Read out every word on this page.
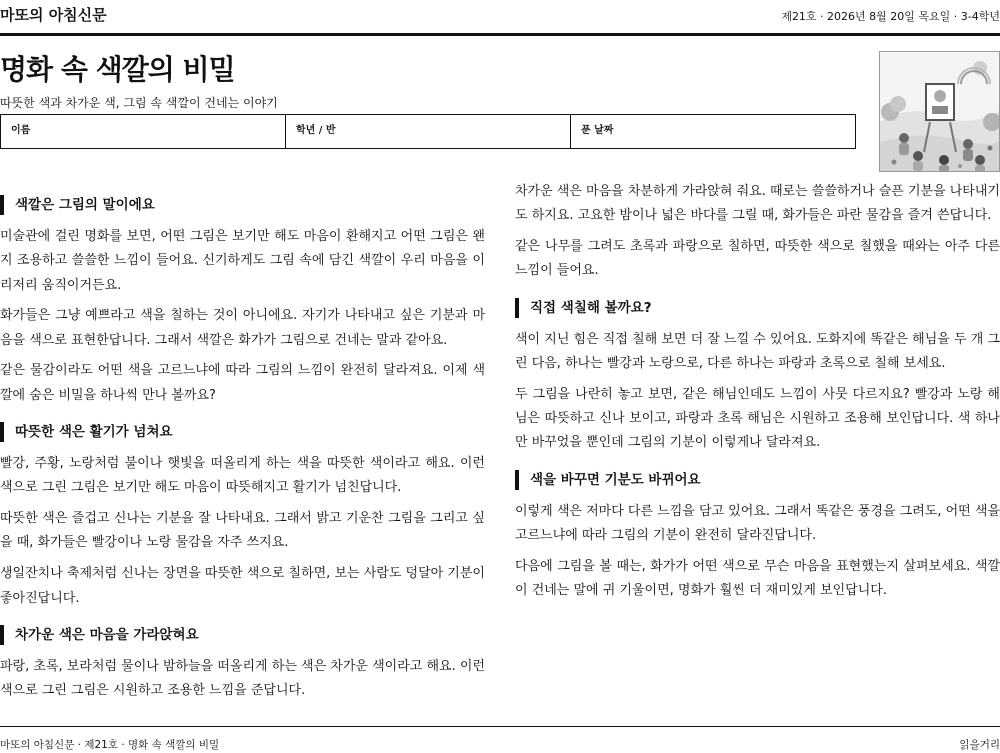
마또의 아침신문	제21호 · 2026년 8월 20일 목요일 · 3-4학년
명화 속 색깔의 비밀
따뜻한 색과 차가운 색, 그림 속 색깔이 건네는 이야기
이름	학년 / 반	푼 날짜
색깔은 그림의 말이에요

미술관에 걸린 명화를 보면, 어떤 그림은 보기만 해도 마음이 환해지고 어떤 그림은 왠지 조용하고 쓸쓸한 느낌이 들어요. 신기하게도 그림 속에 담긴 색깔이 우리 마음을 이리저리 움직이거든요.

화가들은 그냥 예쁘라고 색을 칠하는 것이 아니에요. 자기가 나타내고 싶은 기분과 마음을 색으로 표현한답니다. 그래서 색깔은 화가가 그림으로 건네는 말과 같아요.

같은 물감이라도 어떤 색을 고르느냐에 따라 그림의 느낌이 완전히 달라져요. 이제 색깔에 숨은 비밀을 하나씩 만나 볼까요?

따뜻한 색은 활기가 넘쳐요

빨강, 주황, 노랑처럼 불이나 햇빛을 떠올리게 하는 색을 따뜻한 색이라고 해요. 이런 색으로 그린 그림은 보기만 해도 마음이 따뜻해지고 활기가 넘친답니다.

따뜻한 색은 즐겁고 신나는 기분을 잘 나타내요. 그래서 밝고 기운찬 그림을 그리고 싶을 때, 화가들은 빨강이나 노랑 물감을 자주 쓰지요.

생일잔치나 축제처럼 신나는 장면을 따뜻한 색으로 칠하면, 보는 사람도 덩달아 기분이 좋아진답니다.

차가운 색은 마음을 가라앉혀요

파랑, 초록, 보라처럼 물이나 밤하늘을 떠올리게 하는 색은 차가운 색이라고 해요. 이런 색으로 그린 그림은 시원하고 조용한 느낌을 준답니다.

차가운 색은 마음을 차분하게 가라앉혀 줘요. 때로는 쓸쓸하거나 슬픈 기분을 나타내기도 하지요. 고요한 밤이나 넓은 바다를 그릴 때, 화가들은 파란 물감을 즐겨 쓴답니다.

같은 나무를 그려도 초록과 파랑으로 칠하면, 따뜻한 색으로 칠했을 때와는 아주 다른 느낌이 들어요.

직접 색칠해 볼까요?

색이 지닌 힘은 직접 칠해 보면 더 잘 느낄 수 있어요. 도화지에 똑같은 해님을 두 개 그린 다음, 하나는 빨강과 노랑으로, 다른 하나는 파랑과 초록으로 칠해 보세요.

두 그림을 나란히 놓고 보면, 같은 해님인데도 느낌이 사뭇 다르지요? 빨강과 노랑 해님은 따뜻하고 신나 보이고, 파랑과 초록 해님은 시원하고 조용해 보인답니다. 색 하나만 바꾸었을 뿐인데 그림의 기분이 이렇게나 달라져요.

색을 바꾸면 기분도 바뀌어요

이렇게 색은 저마다 다른 느낌을 담고 있어요. 그래서 똑같은 풍경을 그려도, 어떤 색을 고르느냐에 따라 그림의 기분이 완전히 달라진답니다.

다음에 그림을 볼 때는, 화가가 어떤 색으로 무슨 마음을 표현했는지 살펴보세요. 색깔이 건네는 말에 귀 기울이면, 명화가 훨씬 더 재미있게 보인답니다.

마또의 아침신문 · 제21호 · 명화 속 색깔의 비밀	읽을거리
